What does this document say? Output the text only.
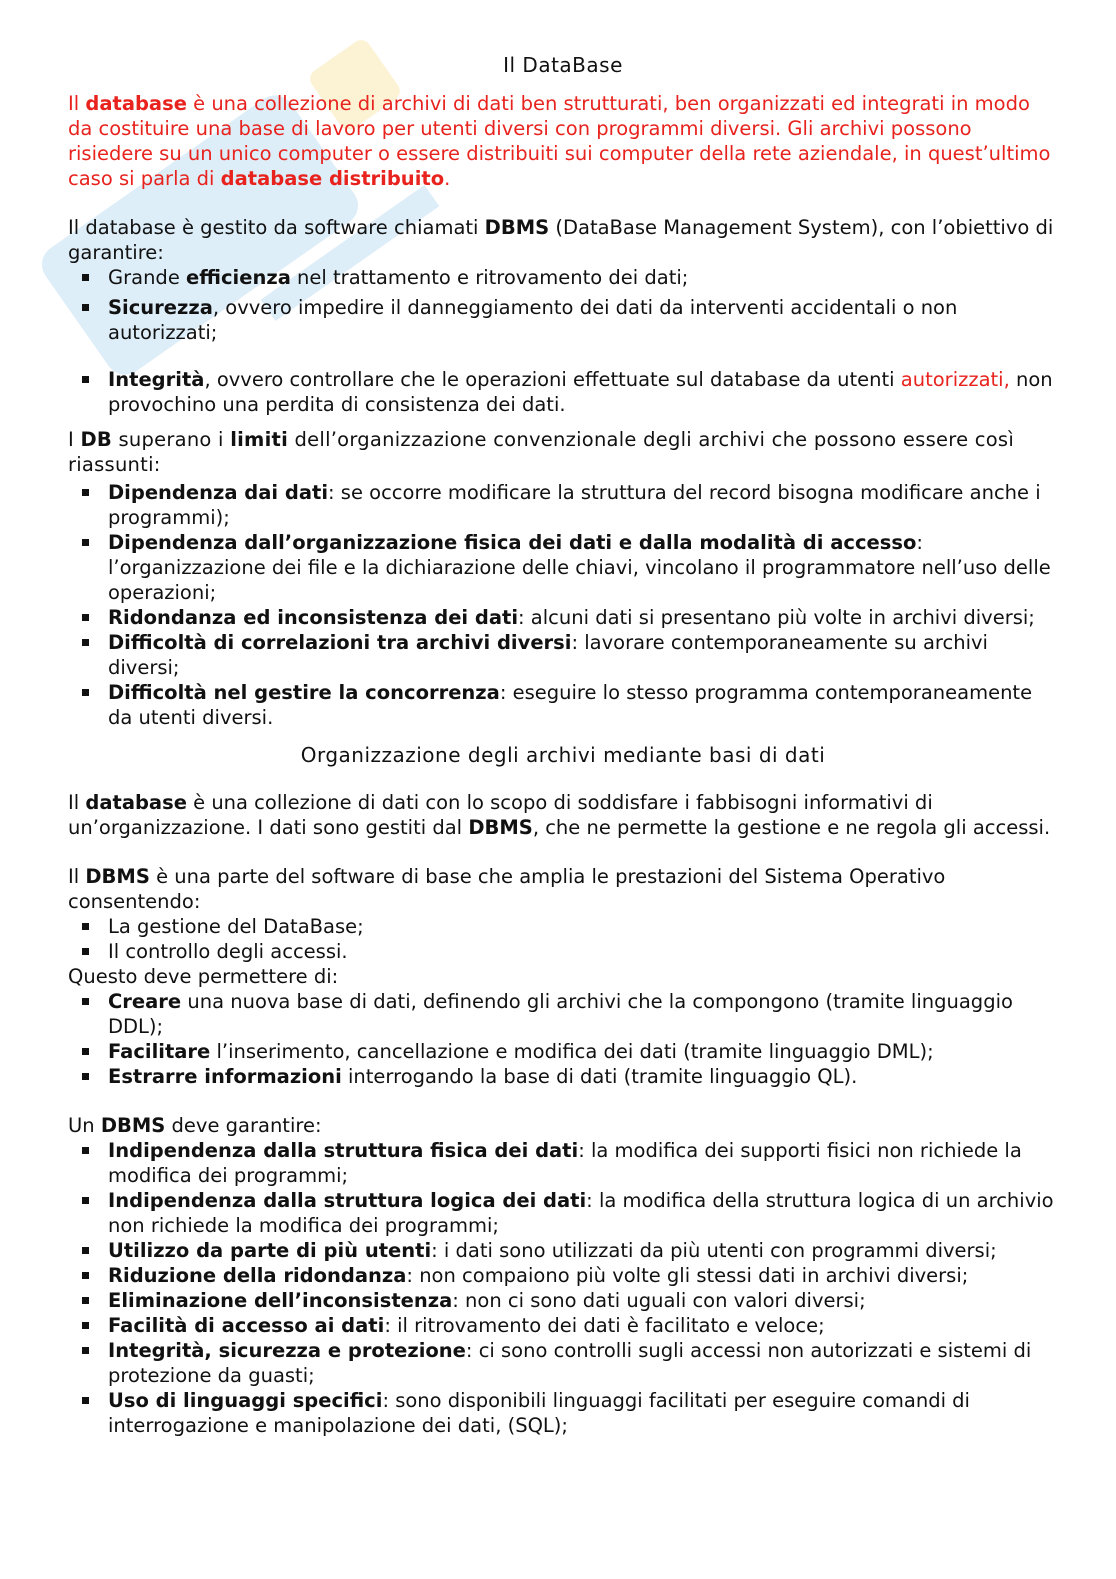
Il DataBase

Il database è una collezione di archivi di dati ben strutturati, ben organizzati ed integrati in modo da costituire una base di lavoro per utenti diversi con programmi diversi. Gli archivi possono risiedere su un unico computer o essere distribuiti sui computer della rete aziendale, in quest’ultimo caso si parla di database distribuito.

Il database è gestito da software chiamati DBMS (DataBase Management System), con l’obiettivo di garantire:

Grande efficienza nel trattamento e ritrovamento dei dati;
Sicurezza, ovvero impedire il danneggiamento dei dati da interventi accidentali o non autorizzati;
Integrità, ovvero controllare che le operazioni effettuate sul database da utenti autorizzati, non provochino una perdita di consistenza dei dati.

I DB superano i limiti dell’organizzazione convenzionale degli archivi che possono essere così riassunti:

Dipendenza dai dati: se occorre modificare la struttura del record bisogna modificare anche i programmi);
Dipendenza dall’organizzazione fisica dei dati e dalla modalità di accesso: l’organizzazione dei file e la dichiarazione delle chiavi, vincolano il programmatore nell’uso delle operazioni;
Ridondanza ed inconsistenza dei dati: alcuni dati si presentano più volte in archivi diversi;
Difficoltà di correlazioni tra archivi diversi: lavorare contemporaneamente su archivi diversi;
Difficoltà nel gestire la concorrenza: eseguire lo stesso programma contemporaneamente da utenti diversi.
Organizzazione degli archivi mediante basi di dati

Il database è una collezione di dati con lo scopo di soddisfare i fabbisogni informativi di un’organizzazione. I dati sono gestiti dal DBMS, che ne permette la gestione e ne regola gli accessi.

Il DBMS è una parte del software di base che amplia le prestazioni del Sistema Operativo consentendo:

La gestione del DataBase;
Il controllo degli accessi.

Questo deve permettere di:

Creare una nuova base di dati, definendo gli archivi che la compongono (tramite linguaggio DDL);
Facilitare l’inserimento, cancellazione e modifica dei dati (tramite linguaggio DML);
Estrarre informazioni interrogando la base di dati (tramite linguaggio QL).

Un DBMS deve garantire:

Indipendenza dalla struttura fisica dei dati: la modifica dei supporti fisici non richiede la modifica dei programmi;
Indipendenza dalla struttura logica dei dati: la modifica della struttura logica di un archivio non richiede la modifica dei programmi;
Utilizzo da parte di più utenti: i dati sono utilizzati da più utenti con programmi diversi;
Riduzione della ridondanza: non compaiono più volte gli stessi dati in archivi diversi;
Eliminazione dell’inconsistenza: non ci sono dati uguali con valori diversi;
Facilità di accesso ai dati: il ritrovamento dei dati è facilitato e veloce;
Integrità, sicurezza e protezione: ci sono controlli sugli accessi non autorizzati e sistemi di protezione da guasti;
Uso di linguaggi specifici: sono disponibili linguaggi facilitati per eseguire comandi di interrogazione e manipolazione dei dati, (SQL);
